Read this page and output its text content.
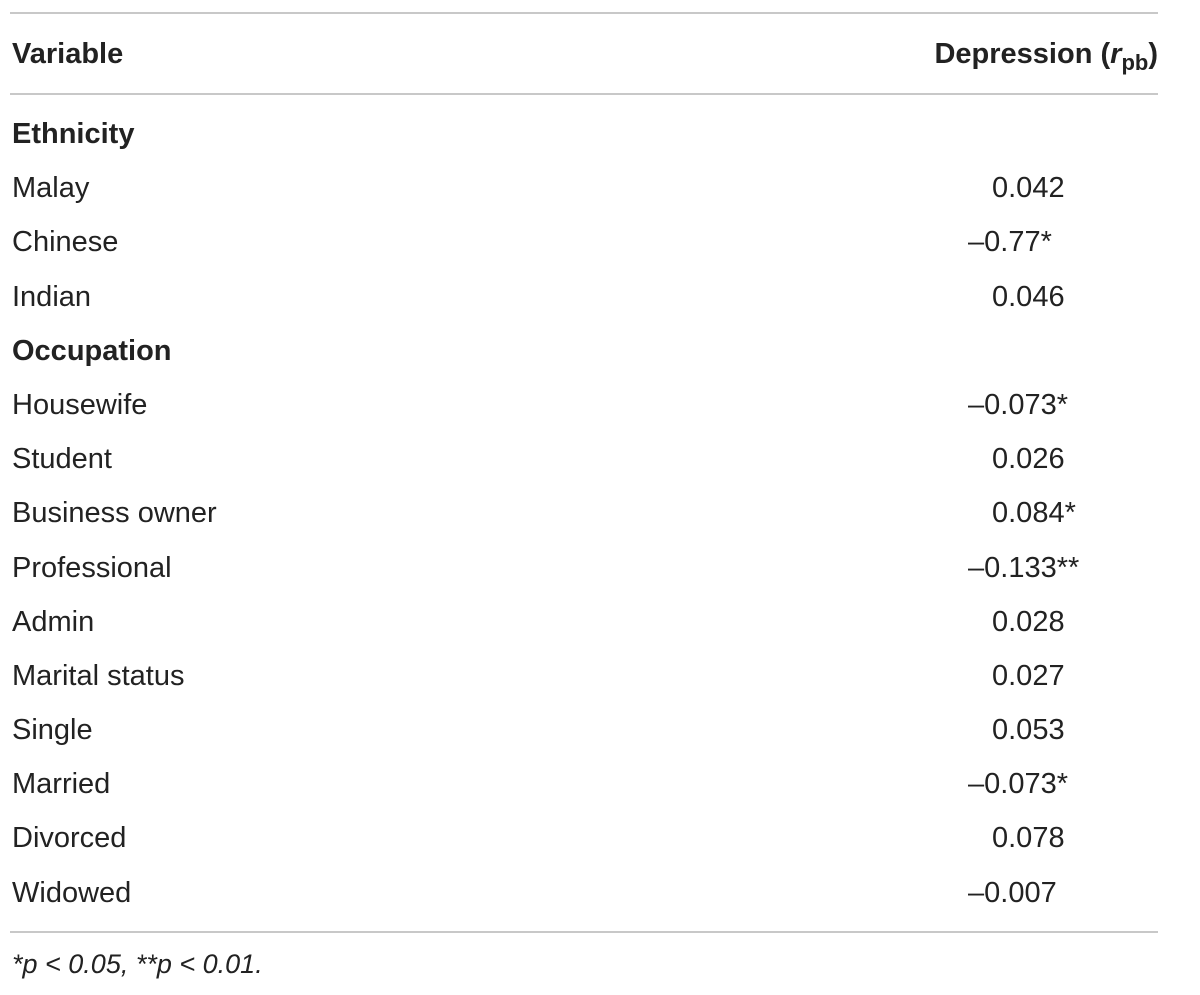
Variable	Depression $(r_{pb})$
Ethnicity
Malay	0.042
Chinese	–0.77*
Indian	0.046
Occupation
Housewife	–0.073*
Student	0.026
Business owner	0.084*
Professional	–0.133**
Admin	0.028
Marital status	0.027
Single	0.053
Married	–0.073*
Divorced	0.078
Widowed	–0.007
*p < 0.05, **p < 0.01.
